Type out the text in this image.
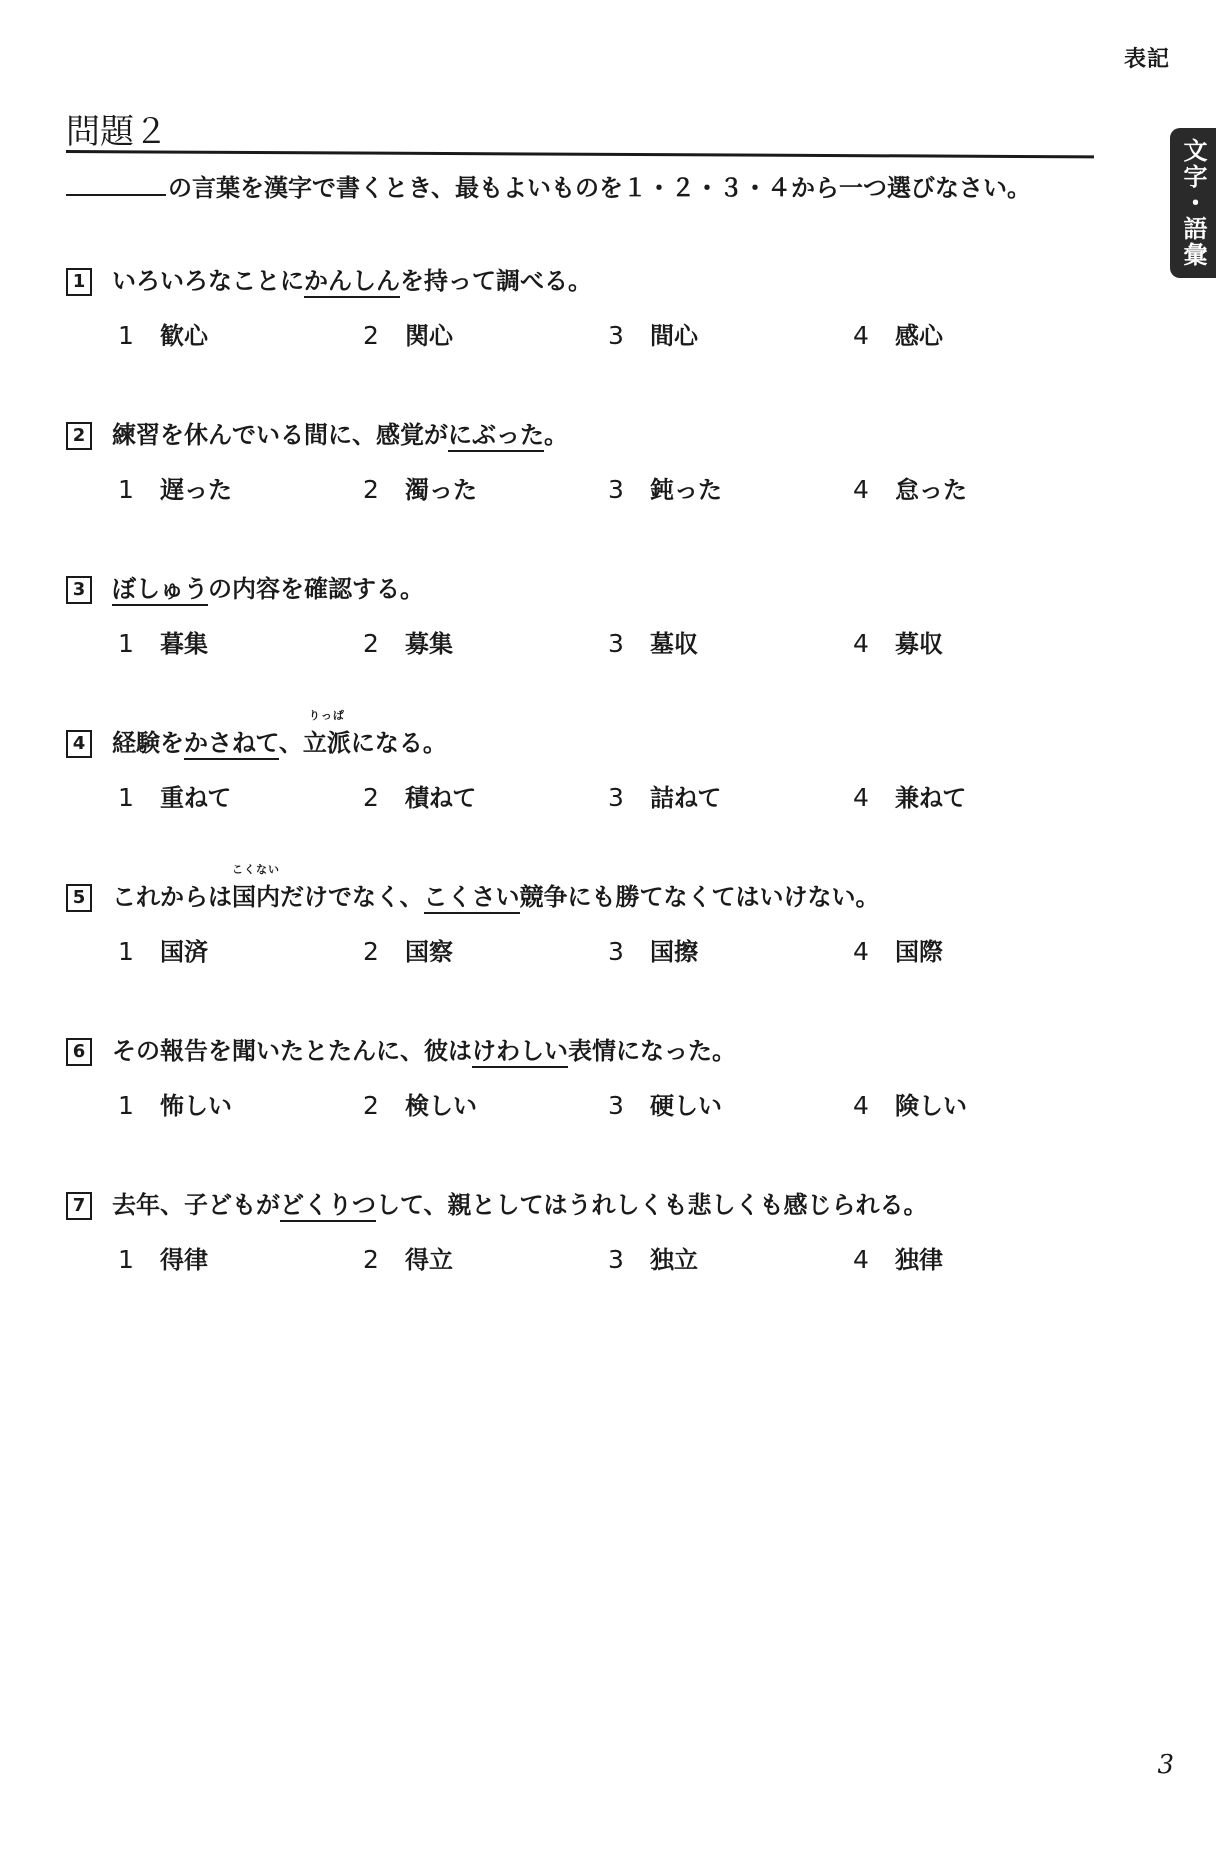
表記
文字・語彙
問題２
の言葉を漢字で書くとき、最もよいものを１・２・３・４から一つ選びなさい。
1 いろいろなことにかんしんを持って調べる。
1	歓心	2	関心	3	間心	4	感心
2 練習を休んでいる間に、感覚がにぶった。
1	遅った	2	濁った	3	鈍った	4	怠った
3 ぼしゅうの内容を確認する。
1	暮集	2	募集	3	墓収	4	募収
4 経験をかさねて、
りっぱ
立派になる。
1	重ねて	2	積ねて	3	詰ねて	4	兼ねて
5 これからは
こくない
国内だけでなく、こくさい競争にも勝てなくてはいけない。
1	国済	2	国察	3	国擦	4	国際
6 その報告を聞いたとたんに、彼はけわしい表情になった。
1	怖しい	2	検しい	3	硬しい	4	険しい
7 去年、子どもがどくりつして、親としてはうれしくも悲しくも感じられる。
1	得律	2	得立	3	独立	4	独律
3
